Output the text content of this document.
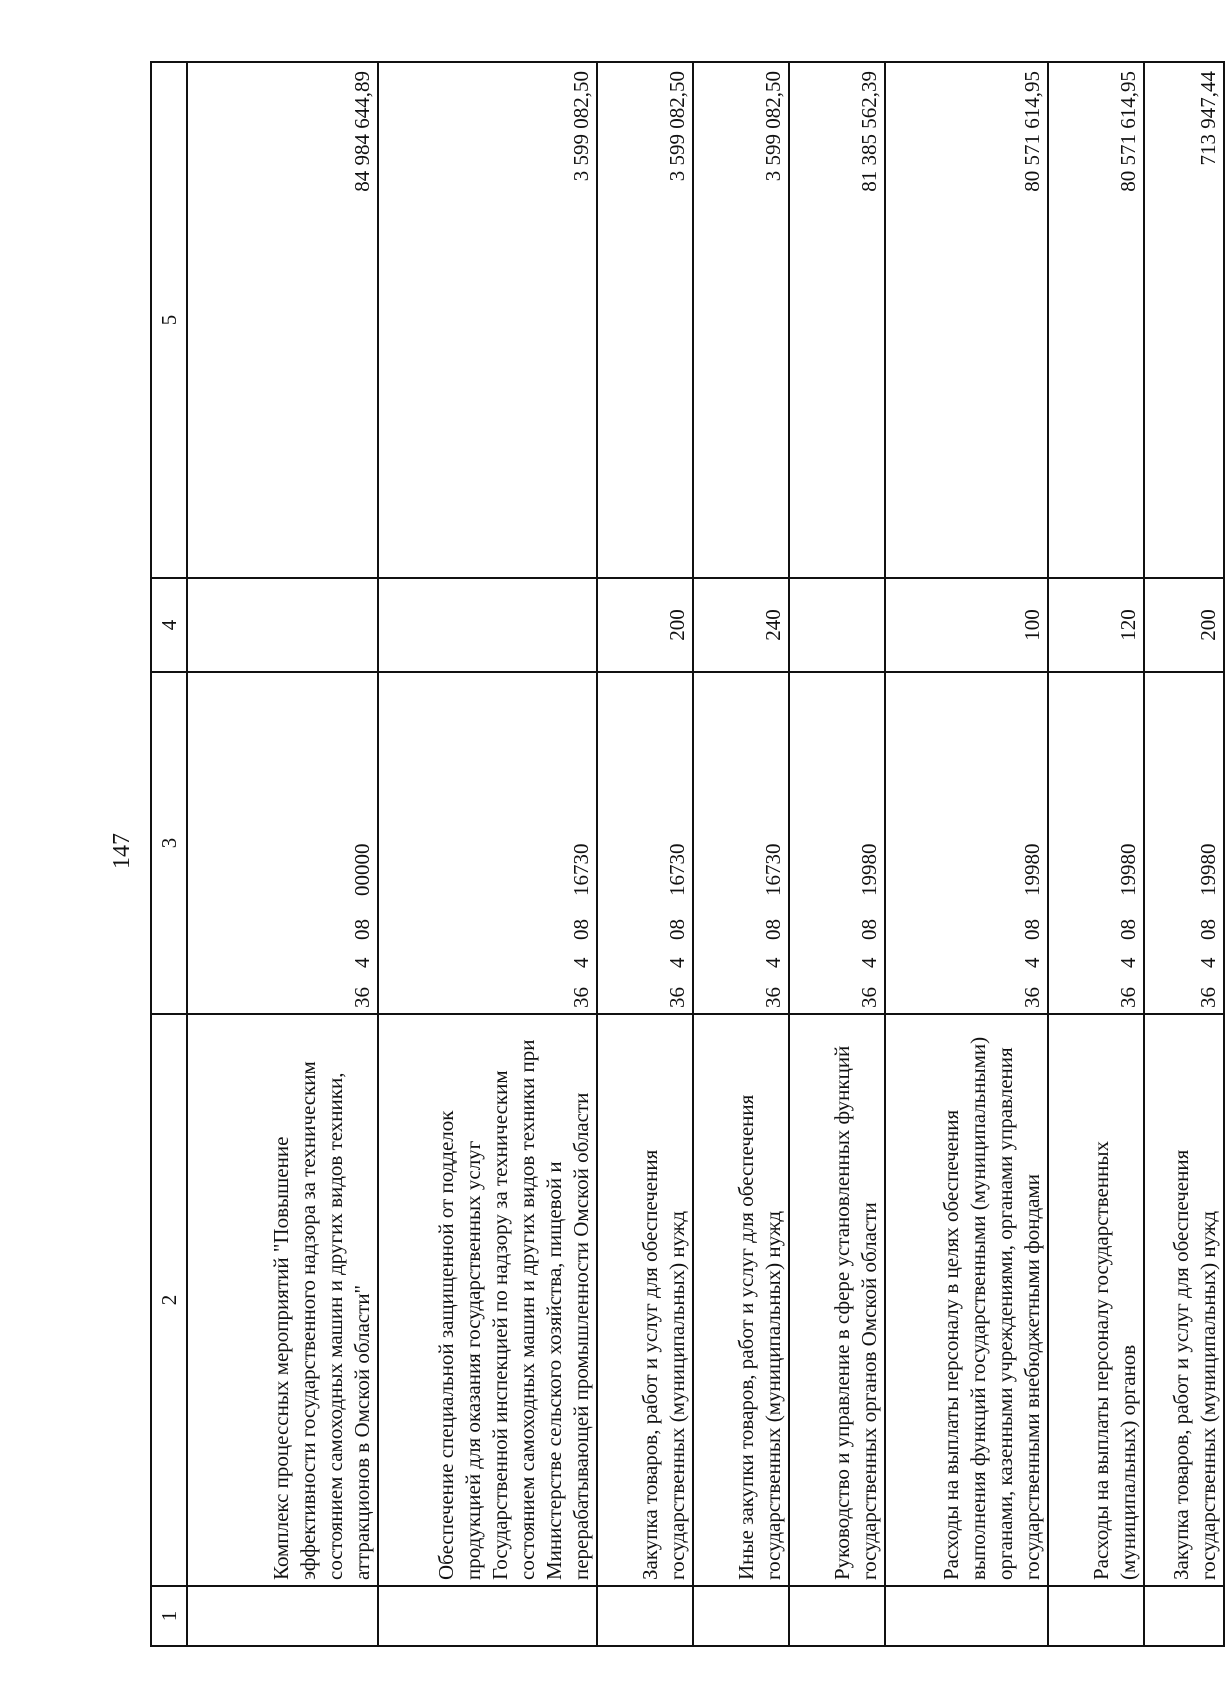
147
1	2	3	4	5
	Комплекс процессных мероприятий "Повышение эффективности государственного надзора за техническим состоянием самоходных машин и других видов техники, аттракционов в Омской области"	3640800000		84 984 644,89
	Обеспечение специальной защищенной от подделок продукцией для оказания государственных услуг Государственной инспекцией по надзору за техническим состоянием самоходных машин и других видов техники при Министерстве сельского хозяйства, пищевой и перерабатывающей промышленности Омской области	3640816730		3 599 082,50
	Закупка товаров, работ и услуг для обеспечения государственных (муниципальных) нужд	3640816730	200	3 599 082,50
	Иные закупки товаров, работ и услуг для обеспечения государственных (муниципальных) нужд	3640816730	240	3 599 082,50
	Руководство и управление в сфере установленных функций государственных органов Омской области	3640819980		81 385 562,39
	Расходы на выплаты персоналу в целях обеспечения выполнения функций государственными (муниципальными) органами, казенными учреждениями, органами управления государственными внебюджетными фондами	3640819980	100	80 571 614,95
	Расходы на выплаты персоналу государственных (муниципальных) органов	3640819980	120	80 571 614,95
	Закупка товаров, работ и услуг для обеспечения государственных (муниципальных) нужд	3640819980	200	713 947,44
